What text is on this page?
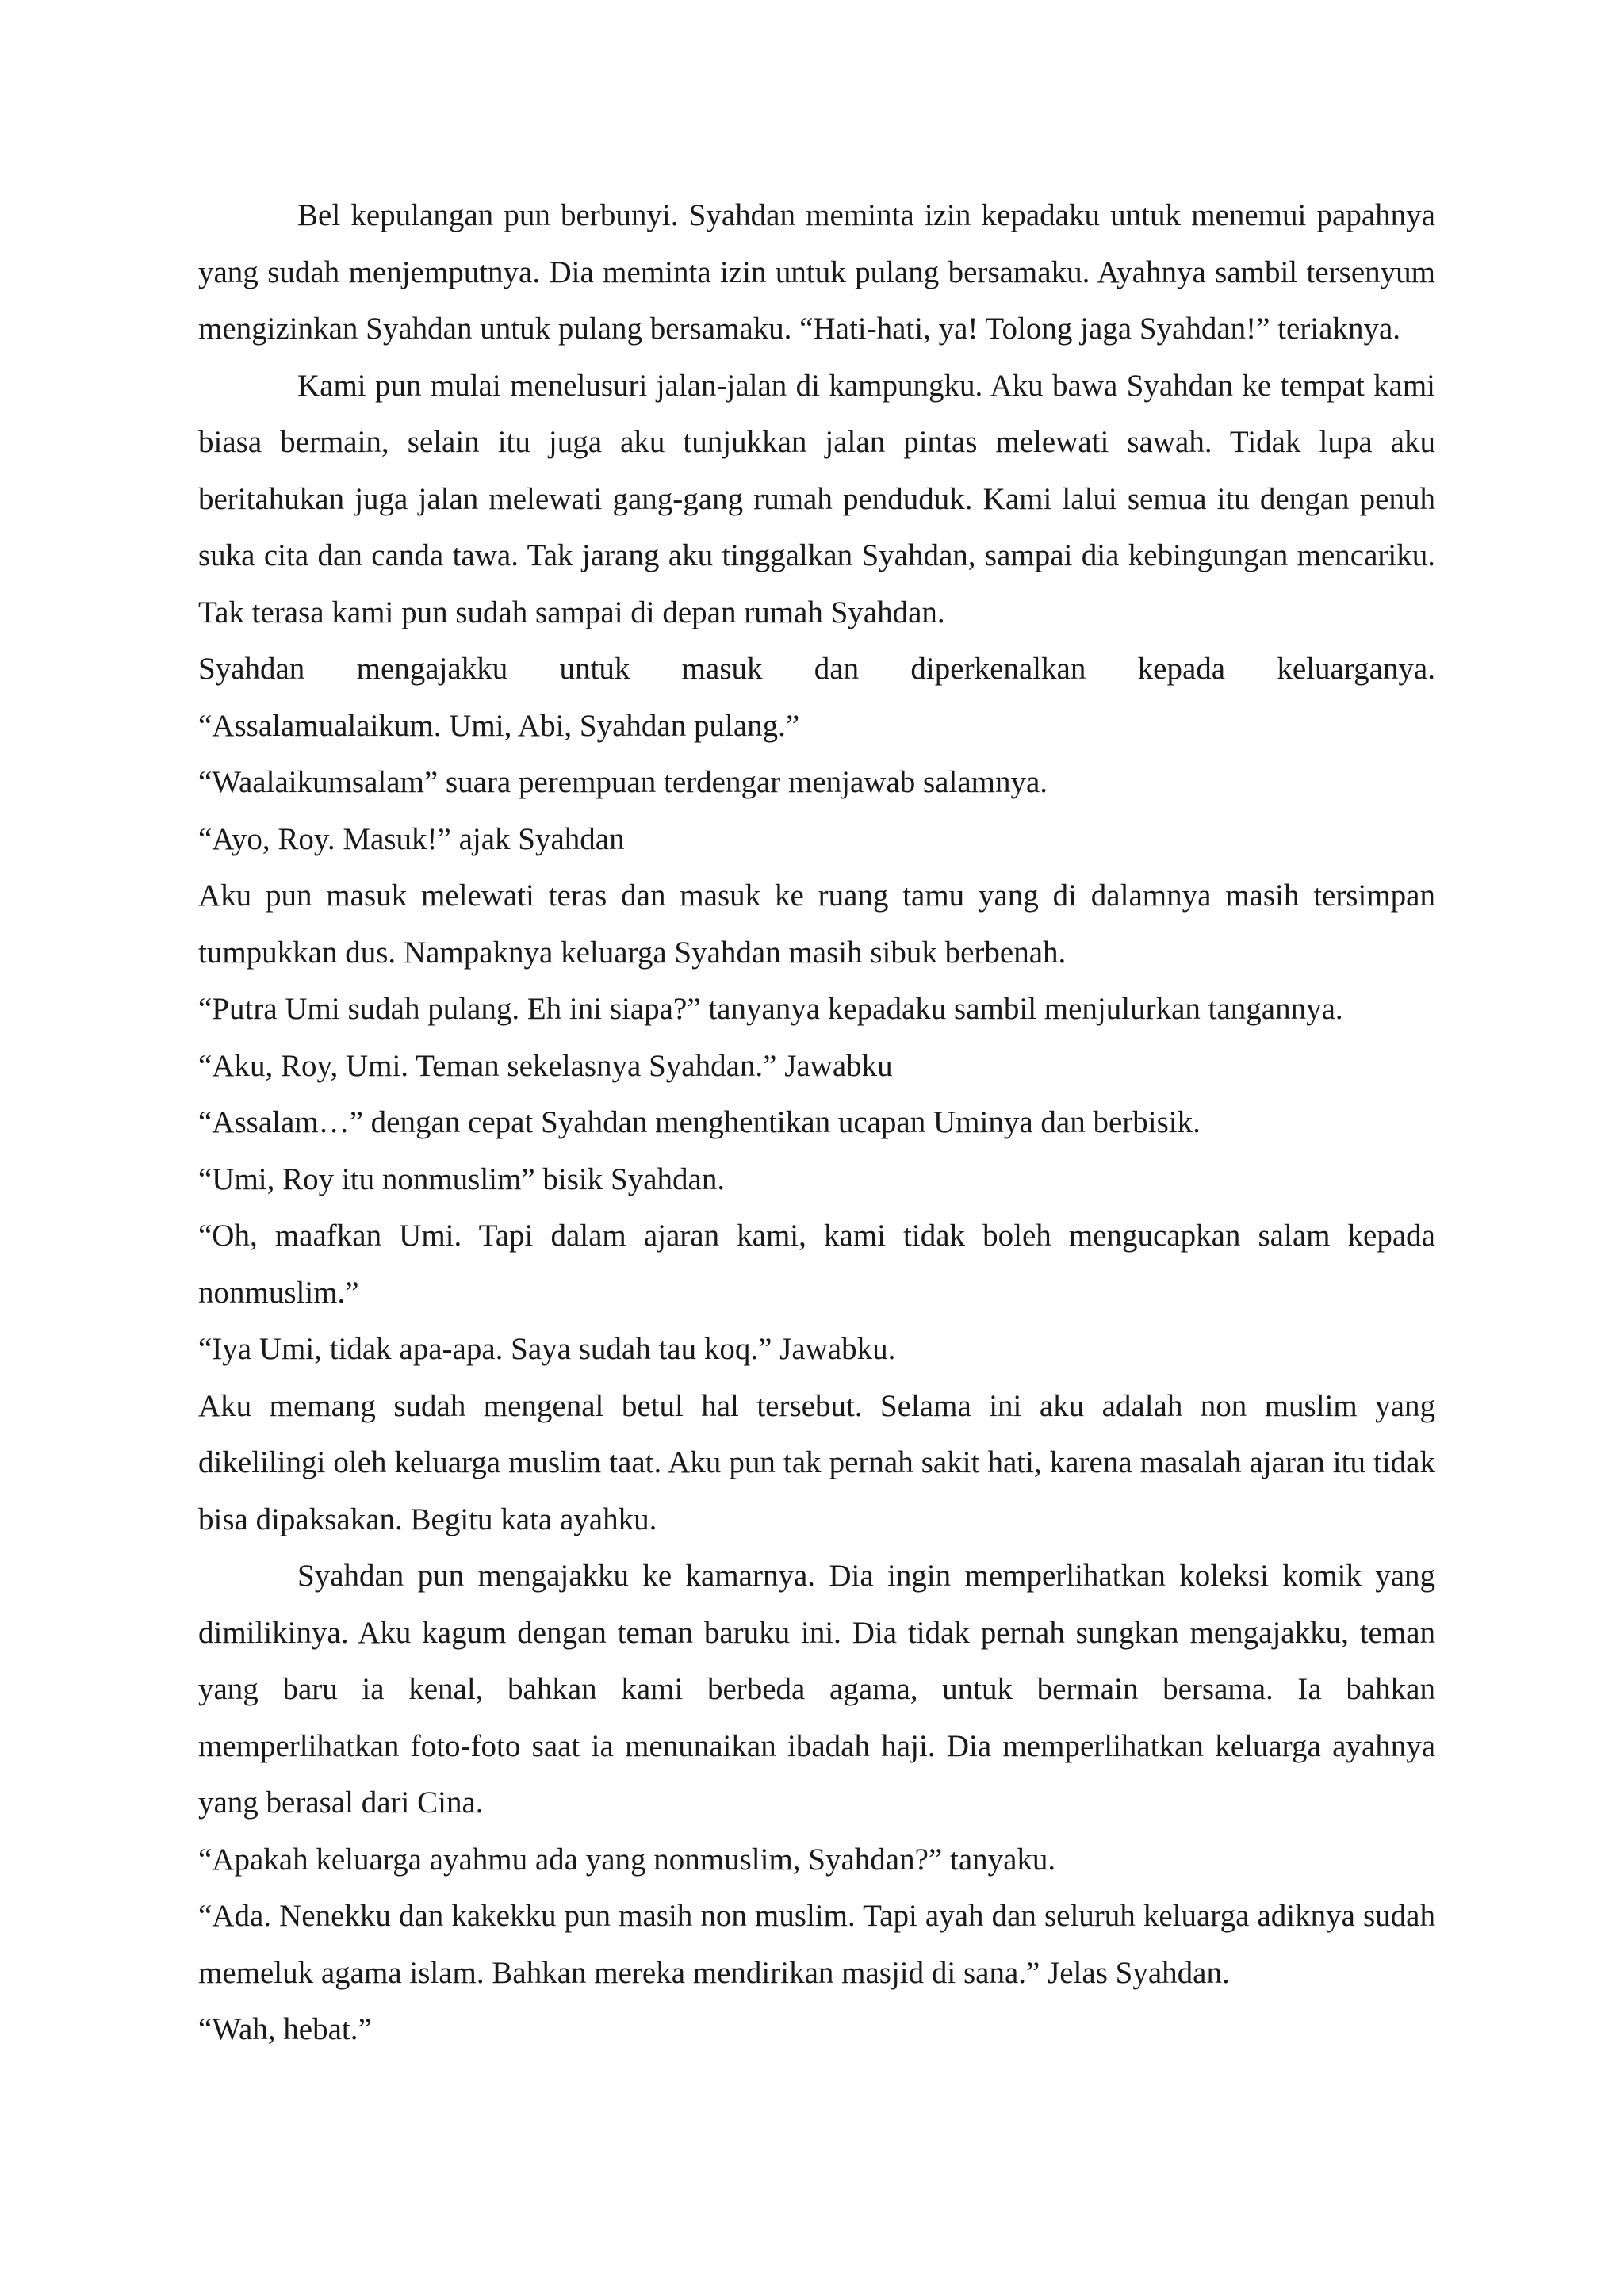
Bel kepulangan pun berbunyi. Syahdan meminta izin kepadaku untuk menemui papahnya yang sudah menjemputnya. Dia meminta izin untuk pulang bersamaku. Ayahnya sambil tersenyum mengizinkan Syahdan untuk pulang bersamaku. “Hati-hati, ya! Tolong jaga Syahdan!” teriaknya.

Kami pun mulai menelusuri jalan-jalan di kampungku. Aku bawa Syahdan ke tempat kami biasa bermain, selain itu juga aku tunjukkan jalan pintas melewati sawah. Tidak lupa aku beritahukan juga jalan melewati gang-gang rumah penduduk. Kami lalui semua itu dengan penuh suka cita dan canda tawa. Tak jarang aku tinggalkan Syahdan, sampai dia kebingungan mencariku. Tak terasa kami pun sudah sampai di depan rumah Syahdan.

Syahdan mengajakku untuk masuk dan diperkenalkan kepada keluarganya.

“Assalamualaikum. Umi, Abi, Syahdan pulang.”

“Waalaikumsalam” suara perempuan terdengar menjawab salamnya.

“Ayo, Roy. Masuk!” ajak Syahdan

Aku pun masuk melewati teras dan masuk ke ruang tamu yang di dalamnya masih tersimpan tumpukkan dus. Nampaknya keluarga Syahdan masih sibuk berbenah.

“Putra Umi sudah pulang. Eh ini siapa?” tanyanya kepadaku sambil menjulurkan tangannya.

“Aku, Roy, Umi. Teman sekelasnya Syahdan.” Jawabku

“Assalam…” dengan cepat Syahdan menghentikan ucapan Uminya dan berbisik.

“Umi, Roy itu nonmuslim” bisik Syahdan.

“Oh, maafkan Umi. Tapi dalam ajaran kami, kami tidak boleh mengucapkan salam kepada nonmuslim.”

“Iya Umi, tidak apa-apa. Saya sudah tau koq.” Jawabku.

Aku memang sudah mengenal betul hal tersebut. Selama ini aku adalah non muslim yang dikelilingi oleh keluarga muslim taat. Aku pun tak pernah sakit hati, karena masalah ajaran itu tidak bisa dipaksakan. Begitu kata ayahku.

Syahdan pun mengajakku ke kamarnya. Dia ingin memperlihatkan koleksi komik yang dimilikinya. Aku kagum dengan teman baruku ini. Dia tidak pernah sungkan mengajakku, teman yang baru ia kenal, bahkan kami berbeda agama, untuk bermain bersama. Ia bahkan memperlihatkan foto-foto saat ia menunaikan ibadah haji. Dia memperlihatkan keluarga ayahnya yang berasal dari Cina.

“Apakah keluarga ayahmu ada yang nonmuslim, Syahdan?” tanyaku.

“Ada. Nenekku dan kakekku pun masih non muslim. Tapi ayah dan seluruh keluarga adiknya sudah memeluk agama islam. Bahkan mereka mendirikan masjid di sana.” Jelas Syahdan.

“Wah, hebat.”
